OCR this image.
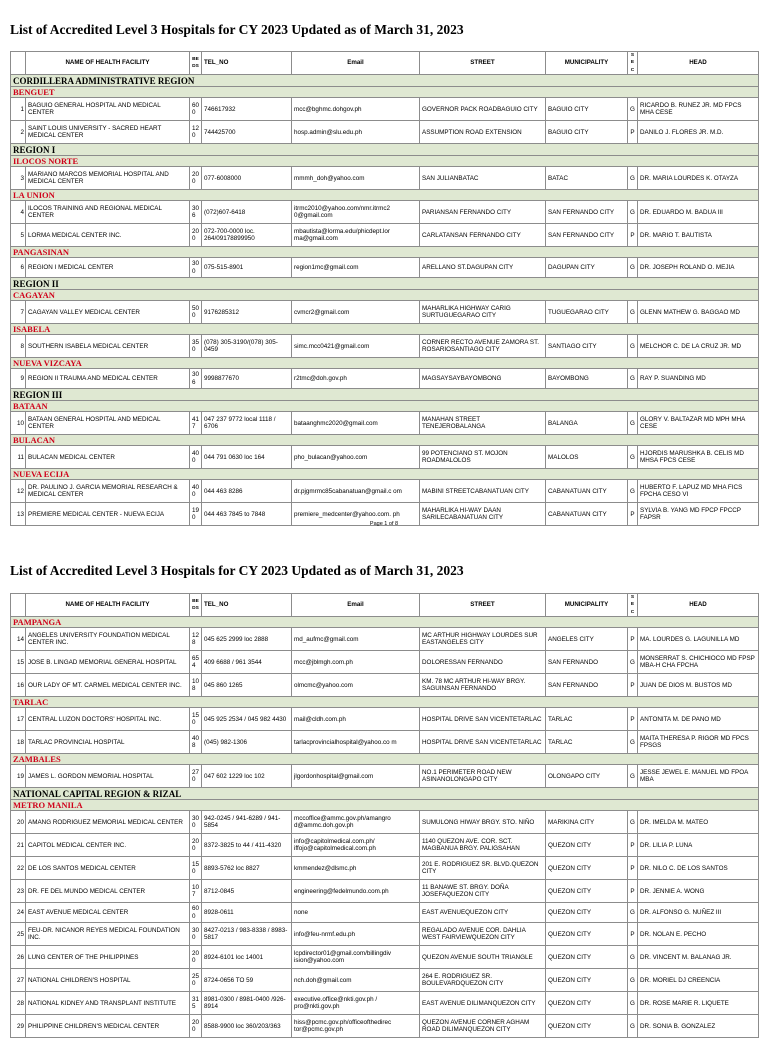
List of Accredited Level 3 Hospitals for CY 2023 Updated as of March 31, 2023
	NAME OF HEALTH FACILITY	BEDS	TEL_NO	Email	STREET	MUNICIPALITY	SEC	HEAD
CORDILLERA ADMINISTRATIVE REGION								
BENGUET								
1	BAGUIO GENERAL HOSPITAL AND MEDICAL CENTER	600	746617932	mcc@bghmc.dohgov.ph	GOVERNOR PACK ROADBAGUIO CITY	BAGUIO CITY	G	RICARDO B. RUNEZ JR. MD FPCS MHA CESE
2	SAINT LOUIS UNIVERSITY - SACRED HEART MEDICAL CENTER	120	744425700	hosp.admin@slu.edu.ph	ASSUMPTION ROAD EXTENSION	BAGUIO CITY	P	DANILO J. FLORES JR. M.D.
REGION I								
ILOCOS NORTE								
3	MARIANO MARCOS MEMORIAL HOSPITAL AND MEDICAL CENTER	200	077-6008000	mmmh_doh@yahoo.com	SAN JULIANBATAC	BATAC	G	DR. MARIA LOURDES K. OTAYZA
LA UNION								
4	ILOCOS TRAINING AND REGIONAL MEDICAL CENTER	306	(072)607-6418	itrmc2010@yahoo.com/nmr.itrmc2 0@gmail.com	PARIANSAN FERNANDO CITY	SAN FERNANDO CITY	G	DR. EDUARDO M. BADUA III
5	LORMA MEDICAL CENTER INC.	200	072-700-0000 loc. 264/09178899950	mbautista@lorma.edu/phicdept.lor ma@gmail.com	CARLATANSAN FERNANDO CITY	SAN FERNANDO CITY	P	DR. MARIO T. BAUTISTA
PANGASINAN								
6	REGION I MEDICAL CENTER	300	075-515-8901	region1mc@gmail.com	ARELLANO ST.DAGUPAN CITY	DAGUPAN CITY	G	DR. JOSEPH ROLAND O. MEJIA
REGION II								
CAGAYAN								
7	CAGAYAN VALLEY MEDICAL CENTER	500	9176285312	cvmcr2@gmail.com	MAHARLIKA HIGHWAY CARIG SURTUGUEGARAO CITY	TUGUEGARAO CITY	G	GLENN MATHEW G. BAGGAO MD
ISABELA								
8	SOUTHERN ISABELA MEDICAL CENTER	350	(078) 305-3190/(078) 305-0459	simc.mcc0421@gmail.com	CORNER RECTO AVENUE ZAMORA ST. ROSARIOSANTIAGO CITY	SANTIAGO CITY	G	MELCHOR C. DE LA CRUZ JR. MD
NUEVA VIZCAYA								
9	REGION II TRAUMA AND MEDICAL CENTER	306	9998877670	r2tmc@doh.gov.ph	MAGSAYSAYBAYOMBONG	BAYOMBONG	G	RAY P. SUANDING MD
REGION III								
BATAAN								
10	BATAAN GENERAL HOSPITAL AND MEDICAL CENTER	417	047 237 9772 local 1118 / 6706	bataanghmc2020@gmail.com	MANAHAN STREET TENEJEROBALANGA	BALANGA	G	GLORY V. BALTAZAR MD MPH MHA CESE
BULACAN								
11	BULACAN MEDICAL CENTER	400	044 791 0630 loc 164	pho_bulacan@yahoo.com	99 POTENCIANO ST. MOJON ROADMALOLOS	MALOLOS	G	HJORDIS MARUSHKA B. CELIS MD MHSA FPCS CESE
NUEVA ECIJA								
12	DR. PAULINO J. GARCIA MEMORIAL RESEARCH & MEDICAL CENTER	400	044 463 8286	dr.pjgmrmc85cabanatuan@gmail.c om	MABINI STREETCABANATUAN CITY	CABANATUAN CITY	G	HUBERTO F. LAPUZ MD MHA FICS FPCHA CESO VI
13	PREMIERE MEDICAL CENTER - NUEVA ECIJA	190	044 463 7845 to 7848	premiere_medcenter@yahoo.com. ph	MAHARLIKA HI-WAY DAAN SARILECABANATUAN CITY	CABANATUAN CITY	P	SYLVIA B. YANG MD FPCP FPCCP FAPSR
Page 1 of 8
List of Accredited Level 3 Hospitals for CY 2023 Updated as of March 31, 2023
	NAME OF HEALTH FACILITY	BEDS	TEL_NO	Email	STREET	MUNICIPALITY	SEC	HEAD
PAMPANGA								
14	ANGELES UNIVERSITY FOUNDATION MEDICAL CENTER INC.	128	045 625 2999 loc 2888	md_aufmc@gmail.com	MC ARTHUR HIGHWAY LOURDES SUR EASTANGELES CITY	ANGELES CITY	P	MA. LOURDES G. LAGUNILLA MD
15	JOSE B. LINGAD MEMORIAL GENERAL HOSPITAL	654	409 6688 / 961 3544	mcc@jblmgh.com.ph	DOLORESSAN FERNANDO	SAN FERNANDO	G	MONSERRAT S. CHICHIOCO MD FPSP MBA-H CHA FPCHA
16	OUR LADY OF MT. CARMEL MEDICAL CENTER INC.	108	045 860 1265	olmcmc@yahoo.com	KM. 78 MC ARTHUR HI-WAY BRGY. SAGUINSAN FERNANDO	SAN FERNANDO	P	JUAN DE DIOS M. BUSTOS MD
TARLAC								
17	CENTRAL LUZON DOCTORS' HOSPITAL INC.	150	045 925 2534 / 045 982 4430	mail@cldh.com.ph	HOSPITAL DRIVE SAN VICENTETARLAC	TARLAC	P	ANTONITA M. DE PANO MD
18	TARLAC PROVINCIAL HOSPITAL	408	(045) 982-1306	tarlacprovincialhospital@yahoo.co m	HOSPITAL DRIVE SAN VICENTETARLAC	TARLAC	G	MAITA THERESA P. RIGOR MD FPCS FPSGS
ZAMBALES								
19	JAMES L. GORDON MEMORIAL HOSPITAL	270	047 602 1229 loc 102	jlgordonhospital@gmail.com	NO.1 PERIMETER ROAD NEW ASINANOLONGAPO CITY	OLONGAPO CITY	G	JESSE JEWEL E. MANUEL MD FPOA MBA
NATIONAL CAPITAL REGION & RIZAL								
METRO MANILA								
20	AMANG RODRIGUEZ MEMORIAL MEDICAL CENTER	300	942-0245 / 941-6289 / 941-5854	mccoffice@ammc.gov.ph/amangro d@ammc.doh.gov.ph	SUMULONG HIWAY BRGY. STO. NIÑO	MARIKINA CITY	G	DR. IMELDA M. MATEO
21	CAPITOL MEDICAL CENTER INC.	200	8372-3825 to 44 / 411-4320	info@capitolmedical.com.ph/ iffojo@capitolmedical.com.ph	1140 QUEZON AVE. COR. SCT. MAGBANUA BRGY. PALIGSAHAN	QUEZON CITY	P	DR. LILIA P. LUNA
22	DE LOS SANTOS MEDICAL CENTER	150	8893-5762 loc 8827	kmmendez@dlsmc.ph	201 E. RODRIGUEZ SR. BLVD.QUEZON CITY	QUEZON CITY	P	DR. NILO C. DE LOS SANTOS
23	DR. FE DEL MUNDO MEDICAL CENTER	107	8712-0845	engineering@fedelmundo.com.ph	11 BANAWE ST. BRGY. DOÑA JOSEFAQUEZON CITY	QUEZON CITY	P	DR. JENNIE A. WONG
24	EAST AVENUE MEDICAL CENTER	600	8928-0611	none	EAST AVENUEQUEZON CITY	QUEZON CITY	G	DR. ALFONSO G. NUÑEZ III
25	FEU-DR. NICANOR REYES MEDICAL FOUNDATION INC.	300	8427-0213 / 983-8338 / 8983-5817	info@feu-nrmf.edu.ph	REGALADO AVENUE COR. DAHLIA WEST FAIRVIEWQUEZON CITY	QUEZON CITY	P	DR. NOLAN E. PECHO
26	LUNG CENTER OF THE PHILIPPINES	200	8924-6101 loc 14001	lcpdirector01@gmail.com/billingdiv ision@yahoo.com	QUEZON AVENUE SOUTH TRIANGLE	QUEZON CITY	G	DR. VINCENT M. BALANAG JR.
27	NATIONAL CHILDREN'S HOSPITAL	250	8724-0656 TO 59	nch.doh@gmail.com	264 E. RODRIGUEZ SR. BOULEVARDQUEZON CITY	QUEZON CITY	G	DR. MORIEL DJ CREENCIA
28	NATIONAL KIDNEY AND TRANSPLANT INSTITUTE	315	8981-0300 / 8981-0400 /926-8914	executive.office@nkti.gov.ph / pro@nkti.gov.ph	EAST AVENUE DILIMANQUEZON CITY	QUEZON CITY	G	DR. ROSE MARIE R. LIQUETE
29	PHILIPPINE CHILDREN'S MEDICAL CENTER	200	8588-9900 loc 360/203/363	hiss@pcmc.gov.ph/officeofthedirec tor@pcmc.gov.ph	QUEZON AVENUE CORNER AGHAM ROAD DILIMANQUEZON CITY	QUEZON CITY	G	DR. SONIA B. GONZALEZ
